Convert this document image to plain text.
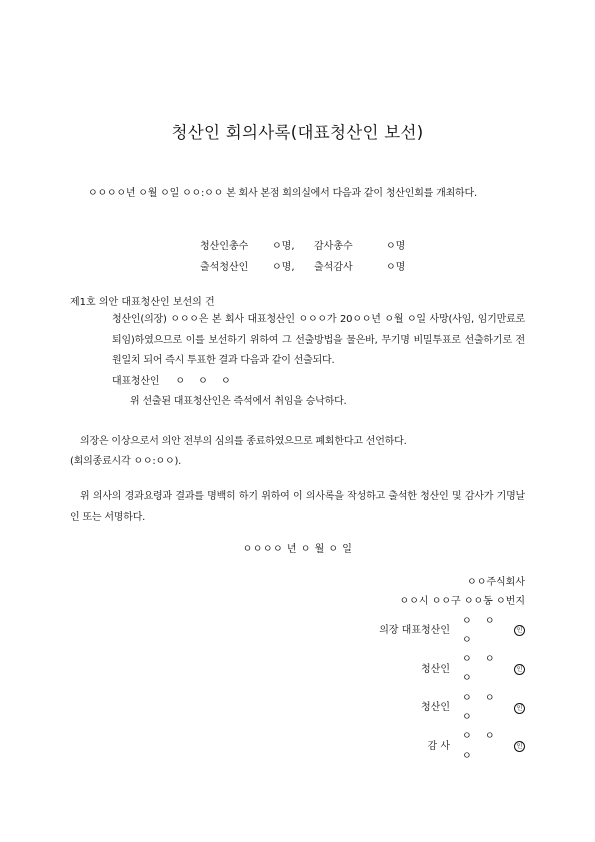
청산인 회의사록(대표청산인 보선)
ㅇㅇㅇㅇ년 ㅇ월 ㅇ일 ㅇㅇ:ㅇㅇ 본 회사 본점 회의실에서 다음과 같이 청산인회를 개최하다.
청산인총수 ㅇ명, 감사총수	ㅇ명
출석청산인 ㅇ명, 출석감사	ㅇ명
제1호 의안 대표청산인 보선의 건
청산인(의장) ㅇㅇㅇ은 본 회사 대표청산인 ㅇㅇㅇ가 20ㅇㅇ년 ㅇ월 ㅇ일 사망(사임, 임기만료로 퇴임)하였으므로 이를 보선하기 위하여 그 선출방법을 물은바, 무기명 비밀투표로 선출하기로 전원일치 되어 즉시 투표한 결과 다음과 같이 선출되다.
대표청산인 ㅇ ㅇ ㅇ
위 선출된 대표청산인은 즉석에서 취임을 승낙하다.
의장은 이상으로서 의안 전부의 심의를 종료하였으므로 폐회한다고 선언하다.
(회의종료시각 ㅇㅇ:ㅇㅇ).
위 의사의 경과요령과 결과를 명백히 하기 위하여 이 의사록을 작성하고 출석한 청산인 및 감사가 기명날인 또는 서명하다.
ㅇㅇㅇㅇ 년 ㅇ 월 ㅇ 일
ㅇㅇ주식회사
ㅇㅇ시 ㅇㅇ구 ㅇㅇ동 ㅇ번지
의장 대표청산인
ㅇ ㅇ ㅇ
인
청산인
ㅇ ㅇ ㅇ
인
청산인
ㅇ ㅇ ㅇ
인
감 사
ㅇ ㅇ ㅇ
인
